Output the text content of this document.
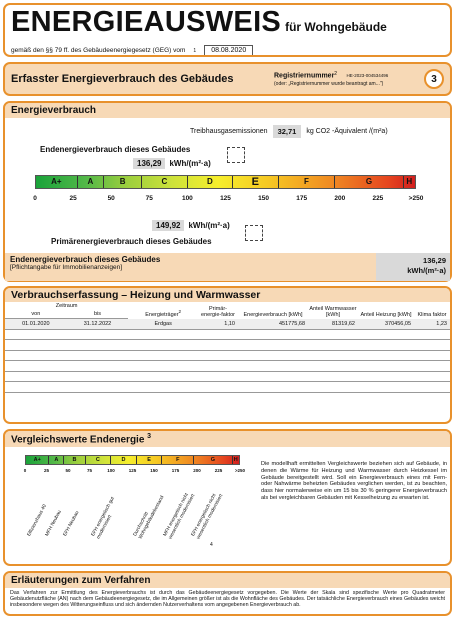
ENERGIEAUSWEIS für Wohngebäude
gemäß den §§ 79 ff. des Gebäudeenergiegesetz (GEG) vom 1	08.08.2020
Erfasster Energieverbrauch des Gebäudes	Registriernummer$^2$ HE-2023-004534496
(oder: „Registriernummer wurde beantragt am...")	3
Energieverbrauch
Treibhausgasemissionen	32,71	kg CO2 -Äquivalent /(m²a)
Endenergieverbrauch dieses Gebäudes
136,29	kWh/(m²·a)
A+	A	B	C	D	E	F	G	H
0	25	50	75	100	125	150	175	200	225	>250
149,92	kWh/(m²·a)
Primärenergieverbrauch dieses Gebäudes
Endenergieverbrauch dieses Gebäudes
[Pflichtangabe für Immobilienanzeigen]
136,29
kWh/(m²·a)
Verbrauchserfassung – Heizung und Warmwasser
Zeitraum		Energieträger$^2$	Primär-energie-faktor	Energieverbrauch [kWh]	Anteil Warmwasser [kWh]	Anteil Heizung [kWh]	Klima faktor
von	bis						
01.01.2020	31.12.2022	Erdgas	1,10	451775,68	81319,62	370456,05	1,23

Vergleichswerte Endenergie $^3$
A+	A	B	C	D	E	F	G	H
0	25	50	75	100	125	150	175	200	225	>250
Effizienzhaus 40
MFH Neubau EFH Neubau	EFH energetisch gut modernisiert	Durchschnitt Wohngebäudebestand
MFH energetisch nicht wesentlich modernisiert
EFH energetisch nicht wesentlich modernisiert
4
Die modellhaft ermittelten Vergleichswerte beziehen sich auf Gebäude, in denen die Wärme für Heizung und Warmwasser durch Heizkessel im Gebäude bereitgestellt wird. Soll ein Energieverbrauch eines mit Fern- oder Nahwärme beheizten Gebäudes verglichen werden, ist zu beachten, dass hier normalerweise ein um 15 bis 30 % geringerer Energieverbrauch als bei vergleichbaren Gebäuden mit Kesselheizung zu erwarten ist.
Erläuterungen zum Verfahren
Das Verfahren zur Ermittlung des Energieverbrauchs ist durch das Gebäudeenergiegesetz vorgegeben. Die Werte der Skala sind spezifische Werte pro Quadratmeter Gebäudenutzfläche (AN) nach dem Gebäudeenergiegesetz, die im Allgemeinen größer ist als die Wohnfläche des Gebäudes. Der tatsächliche Energieverbrauch eines Gebäudes weicht insbesondere wegen des Witterungseinfluss und sich ändernden Nutzerverhaltens vom angegebenen Energieverbrauch ab.
